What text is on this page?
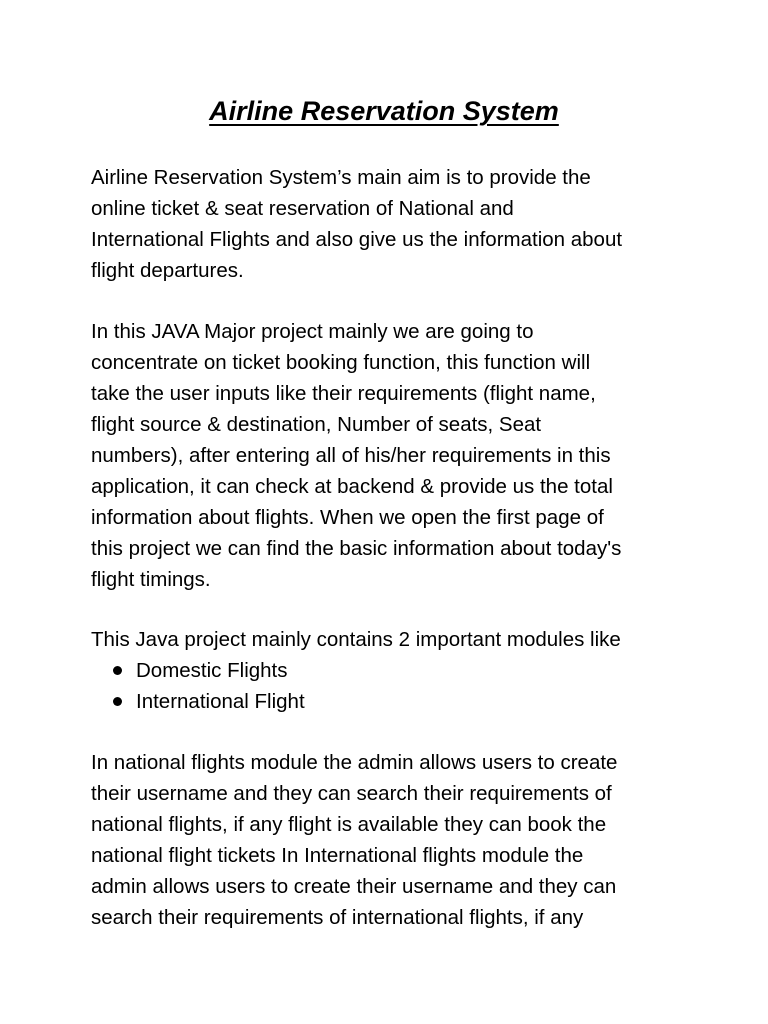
Airline Reservation System

Airline Reservation System’s main aim is to provide the
online ticket & seat reservation of National and
International Flights and also give us the information about
flight departures.

In this JAVA Major project mainly we are going to
concentrate on ticket booking function, this function will
take the user inputs like their requirements (flight name,
flight source & destination, Number of seats, Seat
numbers), after entering all of his/her requirements in this
application, it can check at backend & provide us the total
information about flights. When we open the first page of
this project we can find the basic information about today's
flight timings.

This Java project mainly contains 2 important modules like

Domestic Flights
International Flight

In national flights module the admin allows users to create
their username and they can search their requirements of
national flights, if any flight is available they can book the
national flight tickets In International flights module the
admin allows users to create their username and they can
search their requirements of international flights, if any
